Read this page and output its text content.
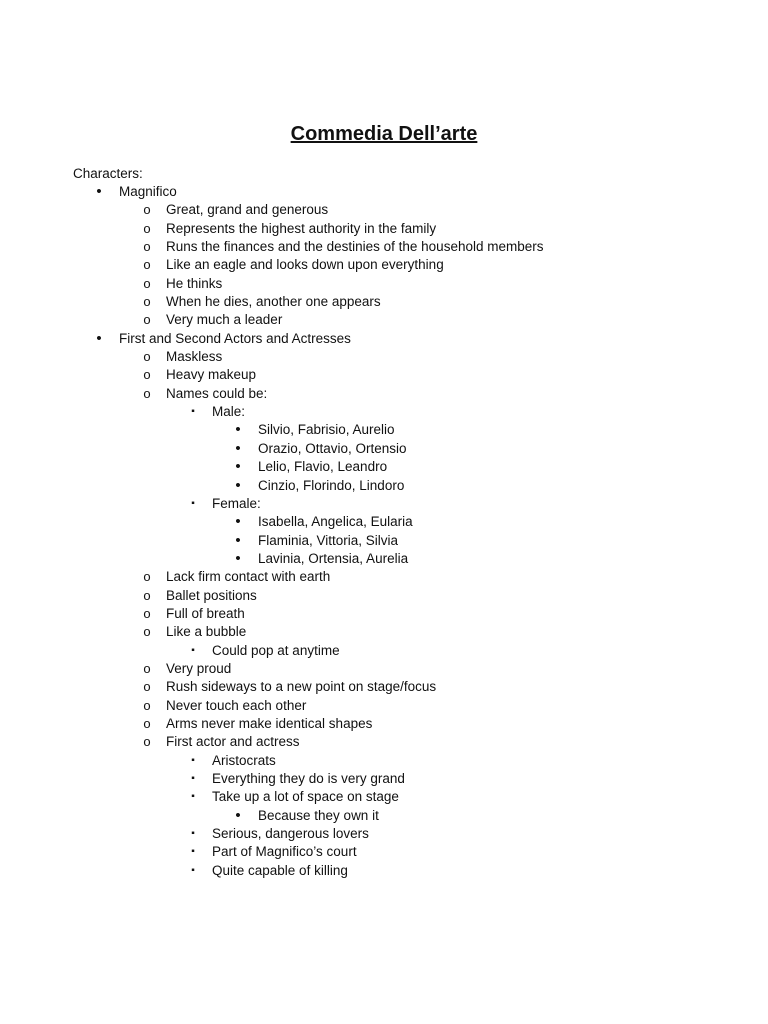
Commedia Dell’arte
Characters:
•	Magnifico
o Great, grand and generous
o Represents the highest authority in the family
o Runs the finances and the destinies of the household members
o Like an eagle and looks down upon everything
o He thinks
o When he dies, another one appears
o Very much a leader
•	First and Second Actors and Actresses
o Maskless
o Heavy makeup
o Names could be:
▪	Male:
•	Silvio, Fabrisio, Aurelio
•	Orazio, Ottavio, Ortensio
•	Lelio, Flavio, Leandro
•	Cinzio, Florindo, Lindoro
▪	Female:
•	Isabella, Angelica, Eularia
•	Flaminia, Vittoria, Silvia
•	Lavinia, Ortensia, Aurelia
o Lack firm contact with earth
o Ballet positions
o Full of breath
o Like a bubble
▪	Could pop at anytime
o Very proud
o Rush sideways to a new point on stage/focus
o Never touch each other
o Arms never make identical shapes
o First actor and actress
▪	Aristocrats
▪	Everything they do is very grand
▪	Take up a lot of space on stage
•	Because they own it
▪	Serious, dangerous lovers
▪	Part of Magnifico’s court
▪	Quite capable of killing
